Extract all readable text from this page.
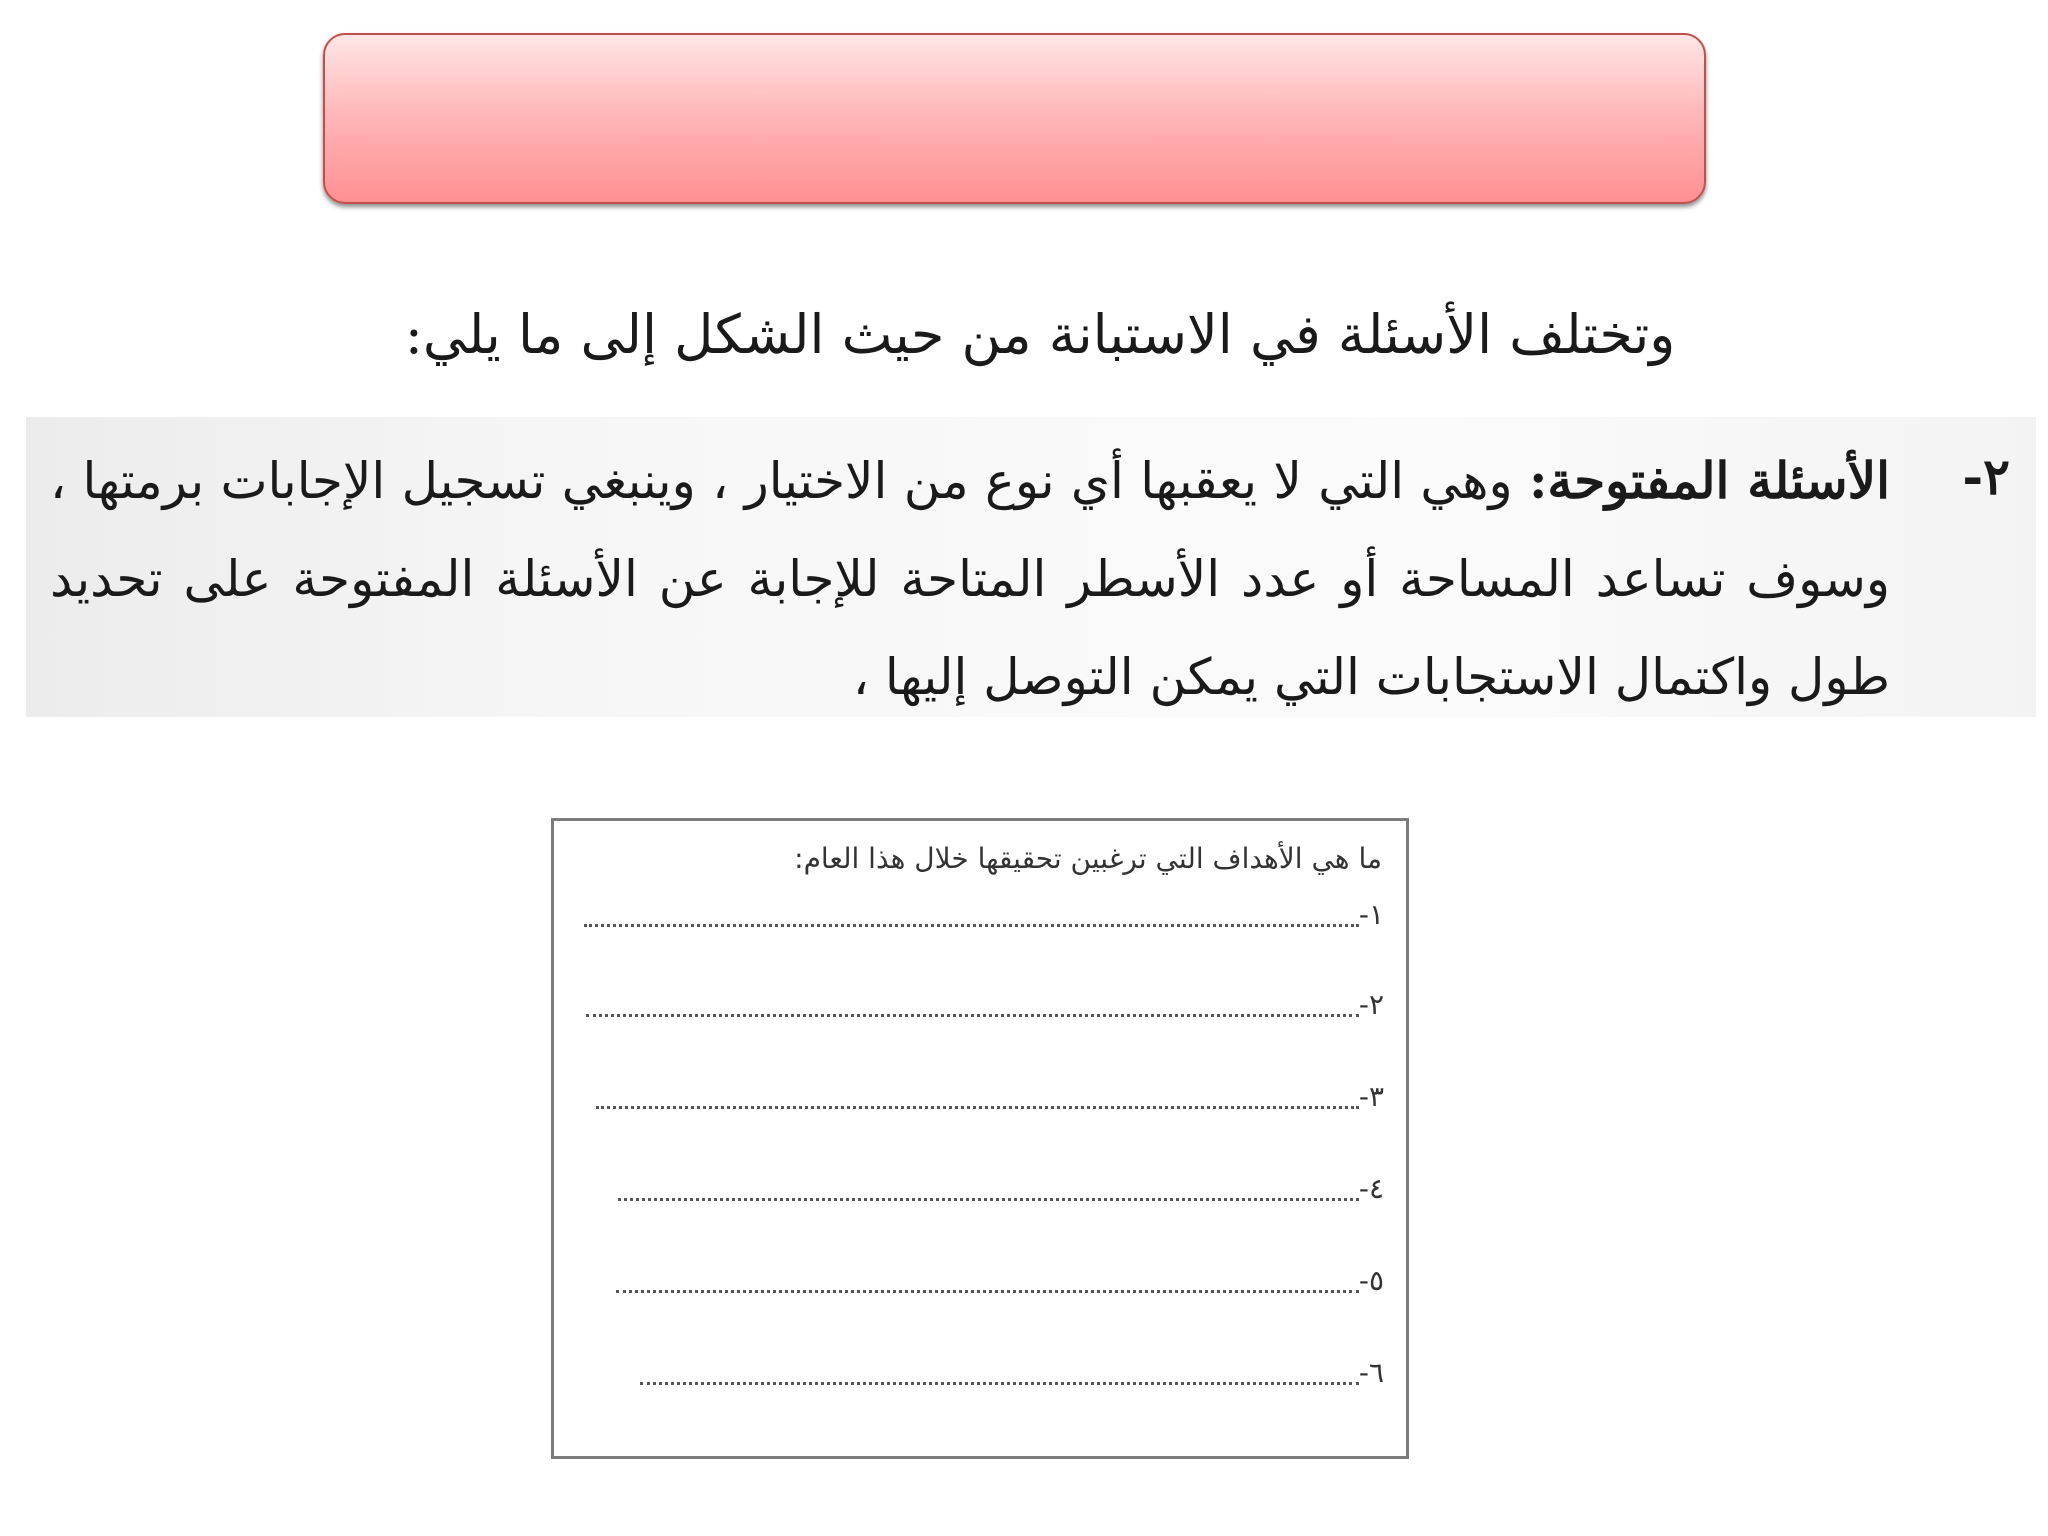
وتختلف الأسئلة في الاستبانة من حيث الشكل إلى ما يلي:
٢-
الأسئلة المفتوحة: وهي التي لا يعقبها أي نوع من الاختيار ، وينبغي تسجيل الإجابات برمتها ، وسوف تساعد المساحة أو عدد الأسطر المتاحة للإجابة عن الأسئلة المفتوحة على تحديد طول واكتمال الاستجابات التي يمكن التوصل إليها ،
ما هي الأهداف التي ترغبين تحقيقها خلال هذا العام:
١-
٢-
٣-
٤-
٥-
٦-
